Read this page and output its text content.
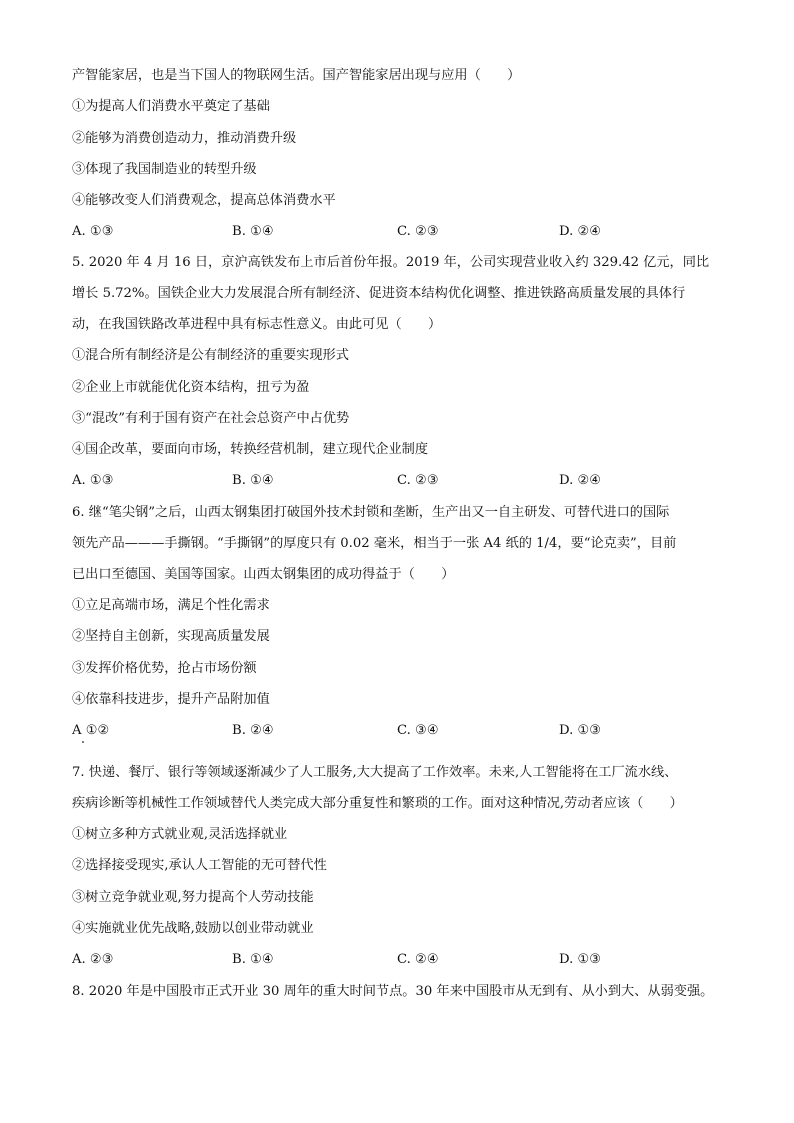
产智能家居，也是当下国人的物联网生活。国产智能家居出现与应用（　　）
①为提高人们消费水平奠定了基础
②能够为消费创造动力，推动消费升级
③体现了我国制造业的转型升级
④能够改变人们消费观念，提高总体消费水平
A. ①③	B. ①④	C. ②③	D. ②④
5. 2020 年 4 月 16 日，京沪高铁发布上市后首份年报。2019 年，公司实现营业收入约 329.42 亿元，同比
增长 5.72%。国铁企业大力发展混合所有制经济、促进资本结构优化调整、推进铁路高质量发展的具体行
动，在我国铁路改革进程中具有标志性意义。由此可见（　　）
①混合所有制经济是公有制经济的重要实现形式
②企业上市就能优化资本结构，扭亏为盈
③“混改”有利于国有资产在社会总资产中占优势
④国企改革，要面向市场，转换经营机制，建立现代企业制度
A. ①③	B. ①④	C. ②③	D. ②④
6. 继“笔尖钢”之后，山西太钢集团打破国外技术封锁和垄断，生产出又一自主研发、可替代进口的国际
领先产品———手撕钢。“手撕钢”的厚度只有 0.02 毫米，相当于一张 A4 纸的 1/4，要“论克卖”，目前
已出口至德国、美国等国家。山西太钢集团的成功得益于（　　）
①立足高端市场，满足个性化需求
②坚持自主创新，实现高质量发展
③发挥价格优势，抢占市场份额
④依靠科技进步，提升产品附加值
A ①②	B. ②④	C. ③④	D. ①③
7. 快递、餐厅、银行等领域逐渐减少了人工服务,大大提高了工作效率。未来,人工智能将在工厂流水线、
疾病诊断等机械性工作领域替代人类完成大部分重复性和繁琐的工作。面对这种情况,劳动者应该（　　）
①树立多种方式就业观,灵活选择就业
②选择接受现实,承认人工智能的无可替代性
③树立竞争就业观,努力提高个人劳动技能
④实施就业优先战略,鼓励以创业带动就业
A. ②③	B. ①④	C. ②④	D. ①③
8. 2020 年是中国股市正式开业 30 周年的重大时间节点。30 年来中国股市从无到有、从小到大、从弱变强。
